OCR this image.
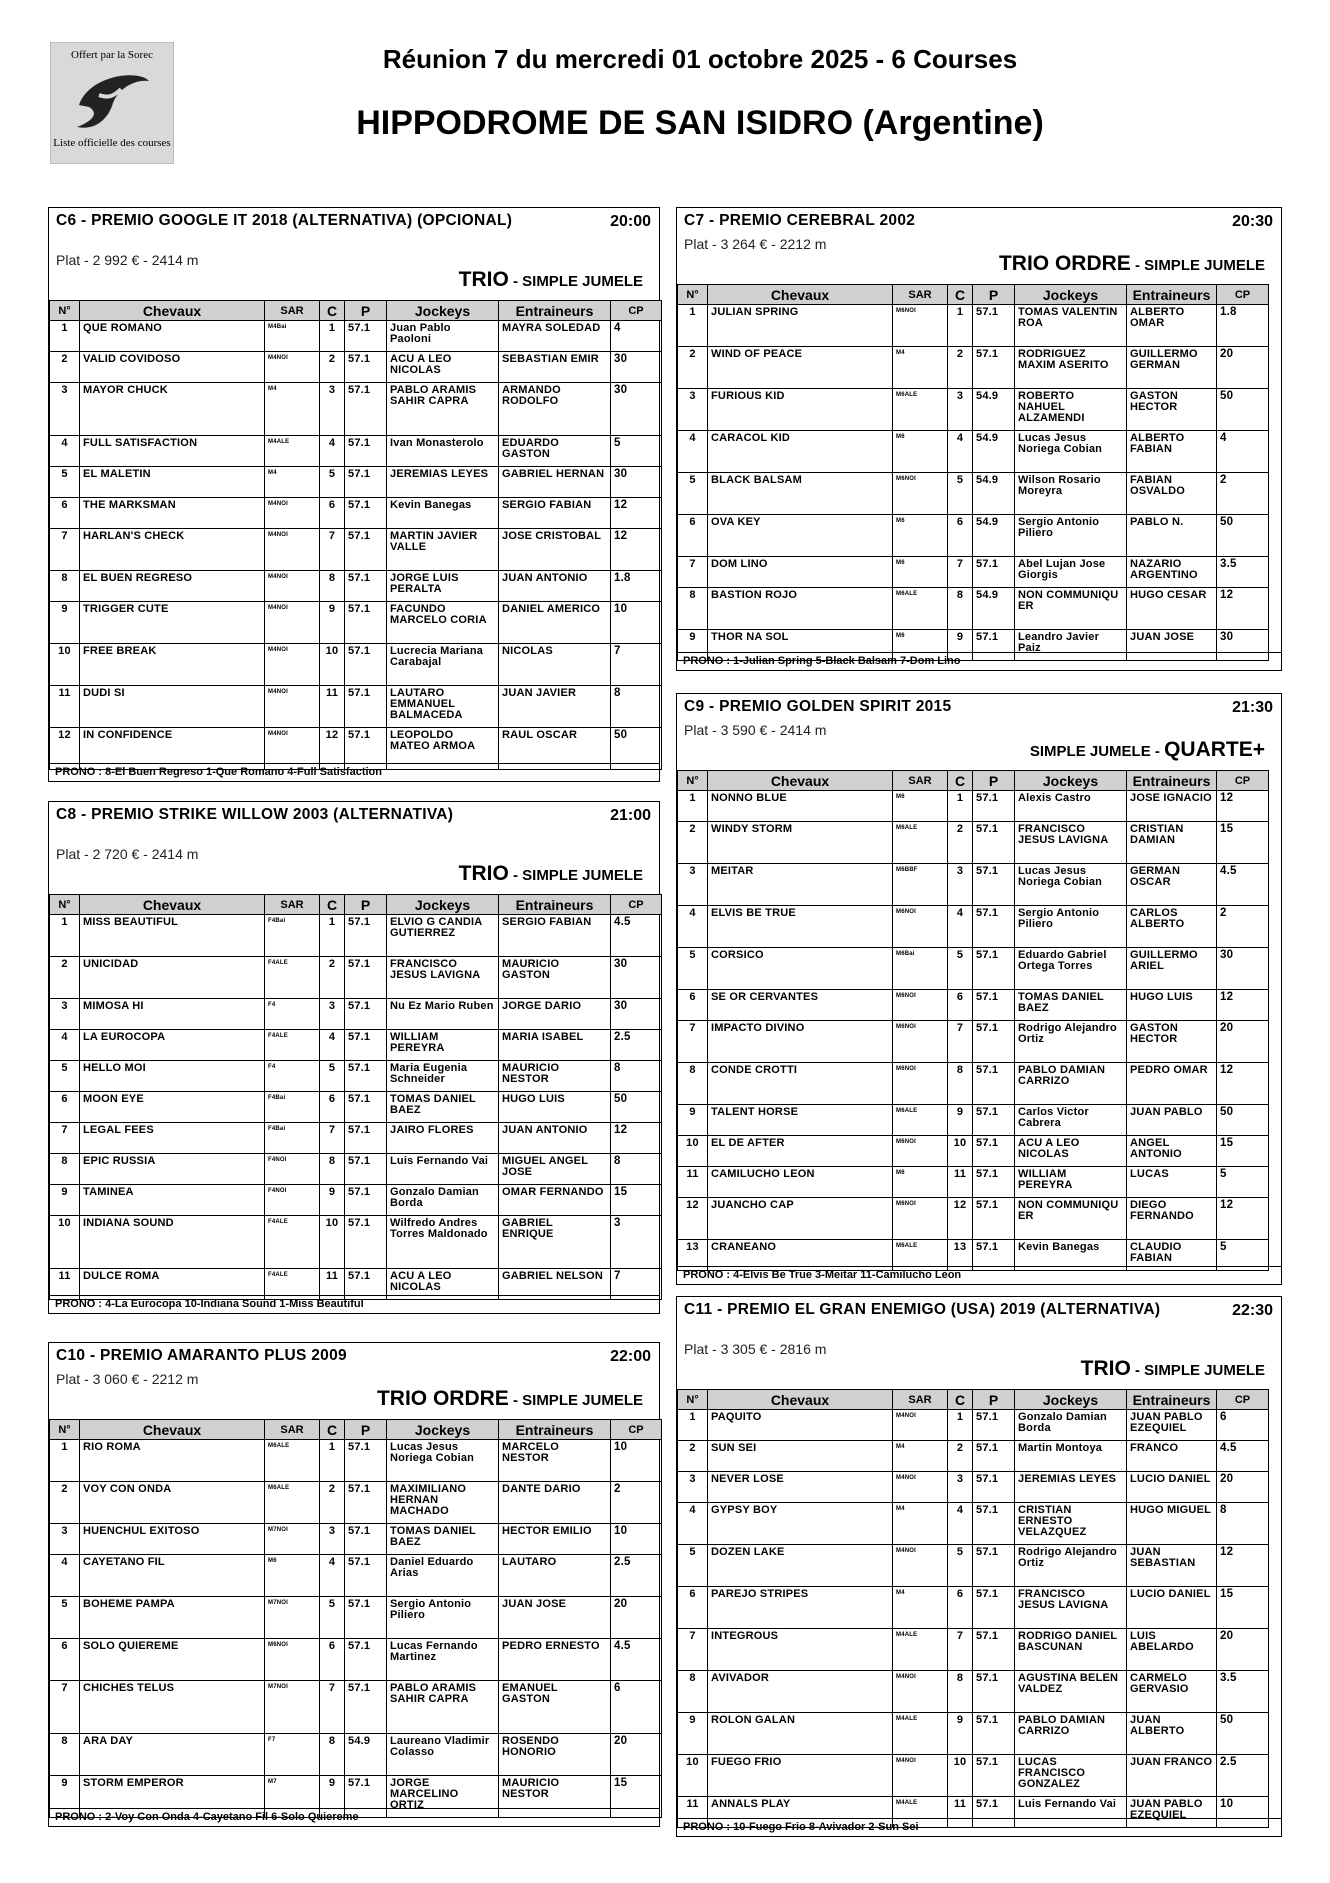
Offert par la Sorec
Liste officielle des courses
Réunion 7 du mercredi 01 octobre 2025 - 6 Courses
HIPPODROME DE SAN ISIDRO (Argentine)
C6 - PREMIO GOOGLE IT 2018 (ALTERNATIVA) (OPCIONAL)	20:00
Plat - 2 992 € - 2414 m
TRIO - SIMPLE JUMELE
N°	Chevaux	SAR	C	P	Jockeys	Entraineurs	CP
1	QUE ROMANO	M4Bai	1	57.1	Juan Pablo Paoloni	MAYRA SOLEDAD	4
2	VALID COVIDOSO	M4NOI	2	57.1	ACU A LEO NICOLAS	SEBASTIAN EMIR	30
3	MAYOR CHUCK	M4	3	57.1	PABLO ARAMIS SAHIR CAPRA	ARMANDO RODOLFO	30
4	FULL SATISFACTION	M4ALE	4	57.1	Ivan Monasterolo	EDUARDO GASTON	5
5	EL MALETIN	M4	5	57.1	JEREMIAS LEYES	GABRIEL HERNAN	30
6	THE MARKSMAN	M4NOI	6	57.1	Kevin Banegas	SERGIO FABIAN	12
7	HARLAN'S CHECK	M4NOI	7	57.1	MARTIN JAVIER VALLE	JOSE CRISTOBAL	12
8	EL BUEN REGRESO	M4NOI	8	57.1	JORGE LUIS PERALTA	JUAN ANTONIO	1.8
9	TRIGGER CUTE	M4NOI	9	57.1	FACUNDO MARCELO CORIA	DANIEL AMERICO	10
10	FREE BREAK	M4NOI	10	57.1	Lucrecia Mariana Carabajal	NICOLAS	7
11	DUDI SI	M4NOI	11	57.1	LAUTARO EMMANUEL BALMACEDA	JUAN JAVIER	8
12	IN CONFIDENCE	M4NOI	12	57.1	LEOPOLDO MATEO ARMOA	RAUL OSCAR	50
PRONO : 8-El Buen Regreso 1-Que Romano 4-Full Satisfaction
C8 - PREMIO STRIKE WILLOW 2003 (ALTERNATIVA)	21:00
Plat - 2 720 € - 2414 m
TRIO - SIMPLE JUMELE
N°	Chevaux	SAR	C	P	Jockeys	Entraineurs	CP
1	MISS BEAUTIFUL	F4Bai	1	57.1	ELVIO G CANDIA GUTIERREZ	SERGIO FABIAN	4.5
2	UNICIDAD	F4ALE	2	57.1	FRANCISCO JESUS LAVIGNA	MAURICIO GASTON	30
3	MIMOSA HI	F4	3	57.1	Nu Ez Mario Ruben	JORGE DARIO	30
4	LA EUROCOPA	F4ALE	4	57.1	WILLIAM PEREYRA	MARIA ISABEL	2.5
5	HELLO MOI	F4	5	57.1	Maria Eugenia Schneider	MAURICIO NESTOR	8
6	MOON EYE	F4Bai	6	57.1	TOMAS DANIEL BAEZ	HUGO LUIS	50
7	LEGAL FEES	F4Bai	7	57.1	JAIRO FLORES	JUAN ANTONIO	12
8	EPIC RUSSIA	F4NOI	8	57.1	Luis Fernando Vai	MIGUEL ANGEL JOSE	8
9	TAMINEA	F4NOI	9	57.1	Gonzalo Damian Borda	OMAR FERNANDO	15
10	INDIANA SOUND	F4ALE	10	57.1	Wilfredo Andres Torres Maldonado	GABRIEL ENRIQUE	3
11	DULCE ROMA	F4ALE	11	57.1	ACU A LEO NICOLAS	GABRIEL NELSON	7
PRONO : 4-La Eurocopa 10-Indiana Sound 1-Miss Beautiful
C10 - PREMIO AMARANTO PLUS 2009	22:00
Plat - 3 060 € - 2212 m
TRIO ORDRE - SIMPLE JUMELE
N°	Chevaux	SAR	C	P	Jockeys	Entraineurs	CP
1	RIO ROMA	M6ALE	1	57.1	Lucas Jesus Noriega Cobian	MARCELO NESTOR	10
2	VOY CON ONDA	M6ALE	2	57.1	MAXIMILIANO HERNAN MACHADO	DANTE DARIO	2
3	HUENCHUL EXITOSO	M7NOI	3	57.1	TOMAS DANIEL BAEZ	HECTOR EMILIO	10
4	CAYETANO FIL	M6	4	57.1	Daniel Eduardo Arias	LAUTARO	2.5
5	BOHEME PAMPA	M7NOI	5	57.1	Sergio Antonio Piliero	JUAN JOSE	20
6	SOLO QUIEREME	M6NOI	6	57.1	Lucas Fernando Martinez	PEDRO ERNESTO	4.5
7	CHICHES TELUS	M7NOI	7	57.1	PABLO ARAMIS SAHIR CAPRA	EMANUEL GASTON	6
8	ARA DAY	F7	8	54.9	Laureano Vladimir Colasso	ROSENDO HONORIO	20
9	STORM EMPEROR	M7	9	57.1	JORGE MARCELINO ORTIZ	MAURICIO NESTOR	15
PRONO : 2-Voy Con Onda 4-Cayetano Fil 6-Solo Quiereme
C7 - PREMIO CEREBRAL 2002	20:30
Plat - 3 264 € - 2212 m
TRIO ORDRE - SIMPLE JUMELE
N°	Chevaux	SAR	C	P	Jockeys	Entraineurs	CP
1	JULIAN SPRING	M6NOI	1	57.1	TOMAS VALENTIN ROA	ALBERTO OMAR	1.8
2	WIND OF PEACE	M4	2	57.1	RODRIGUEZ MAXIM ASERITO	GUILLERMO GERMAN	20
3	FURIOUS KID	M6ALE	3	54.9	ROBERTO NAHUEL ALZAMENDI	GASTON HECTOR	50
4	CARACOL KID	M6	4	54.9	Lucas Jesus Noriega Cobian	ALBERTO FABIAN	4
5	BLACK BALSAM	M6NOI	5	54.9	Wilson Rosario Moreyra	FABIAN OSVALDO	2
6	OVA KEY	M6	6	54.9	Sergio Antonio Piliero	PABLO N.	50
7	DOM LINO	M6	7	57.1	Abel Lujan Jose Giorgis	NAZARIO ARGENTINO	3.5
8	BASTION ROJO	M6ALE	8	54.9	NON COMMUNIQU ER	HUGO CESAR	12
9	THOR NA SOL	M6	9	57.1	Leandro Javier Paiz	JUAN JOSE	30
PRONO : 1-Julian Spring 5-Black Balsam 7-Dom Lino
C9 - PREMIO GOLDEN SPIRIT 2015	21:30
Plat - 3 590 € - 2414 m
SIMPLE JUMELE - QUARTE+
N°	Chevaux	SAR	C	P	Jockeys	Entraineurs	CP
1	NONNO BLUE	M6	1	57.1	Alexis Castro	JOSE IGNACIO	12
2	WINDY STORM	M6ALE	2	57.1	FRANCISCO JESUS LAVIGNA	CRISTIAN DAMIAN	15
3	MEITAR	M6BBF	3	57.1	Lucas Jesus Noriega Cobian	GERMAN OSCAR	4.5
4	ELVIS BE TRUE	M6NOI	4	57.1	Sergio Antonio Piliero	CARLOS ALBERTO	2
5	CORSICO	M6Bai	5	57.1	Eduardo Gabriel Ortega Torres	GUILLERMO ARIEL	30
6	SE OR CERVANTES	M6NOI	6	57.1	TOMAS DANIEL BAEZ	HUGO LUIS	12
7	IMPACTO DIVINO	M6NOI	7	57.1	Rodrigo Alejandro Ortiz	GASTON HECTOR	20
8	CONDE CROTTI	M6NOI	8	57.1	PABLO DAMIAN CARRIZO	PEDRO OMAR	12
9	TALENT HORSE	M6ALE	9	57.1	Carlos Victor Cabrera	JUAN PABLO	50
10	EL DE AFTER	M6NOI	10	57.1	ACU A LEO NICOLAS	ANGEL ANTONIO	15
11	CAMILUCHO LEON	M6	11	57.1	WILLIAM PEREYRA	LUCAS	5
12	JUANCHO CAP	M6NOI	12	57.1	NON COMMUNIQU ER	DIEGO FERNANDO	12
13	CRANEANO	M6ALE	13	57.1	Kevin Banegas	CLAUDIO FABIAN	5
PRONO : 4-Elvis Be True 3-Meitar 11-Camilucho Leon
C11 - PREMIO EL GRAN ENEMIGO (USA) 2019 (ALTERNATIVA)	22:30
Plat - 3 305 € - 2816 m
TRIO - SIMPLE JUMELE
N°	Chevaux	SAR	C	P	Jockeys	Entraineurs	CP
1	PAQUITO	M4NOI	1	57.1	Gonzalo Damian Borda	JUAN PABLO EZEQUIEL	6
2	SUN SEI	M4	2	57.1	Martin Montoya	FRANCO	4.5
3	NEVER LOSE	M4NOI	3	57.1	JEREMIAS LEYES	LUCIO DANIEL	20
4	GYPSY BOY	M4	4	57.1	CRISTIAN ERNESTO VELAZQUEZ	HUGO MIGUEL	8
5	DOZEN LAKE	M4NOI	5	57.1	Rodrigo Alejandro Ortiz	JUAN SEBASTIAN	12
6	PAREJO STRIPES	M4	6	57.1	FRANCISCO JESUS LAVIGNA	LUCIO DANIEL	15
7	INTEGROUS	M4ALE	7	57.1	RODRIGO DANIEL BASCUNAN	LUIS ABELARDO	20
8	AVIVADOR	M4NOI	8	57.1	AGUSTINA BELEN VALDEZ	CARMELO GERVASIO	3.5
9	ROLON GALAN	M4ALE	9	57.1	PABLO DAMIAN CARRIZO	JUAN ALBERTO	50
10	FUEGO FRIO	M4NOI	10	57.1	LUCAS FRANCISCO GONZALEZ	JUAN FRANCO	2.5
11	ANNALS PLAY	M4ALE	11	57.1	Luis Fernando Vai	JUAN PABLO EZEQUIEL	10
PRONO : 10-Fuego Frio 8-Avivador 2-Sun Sei
